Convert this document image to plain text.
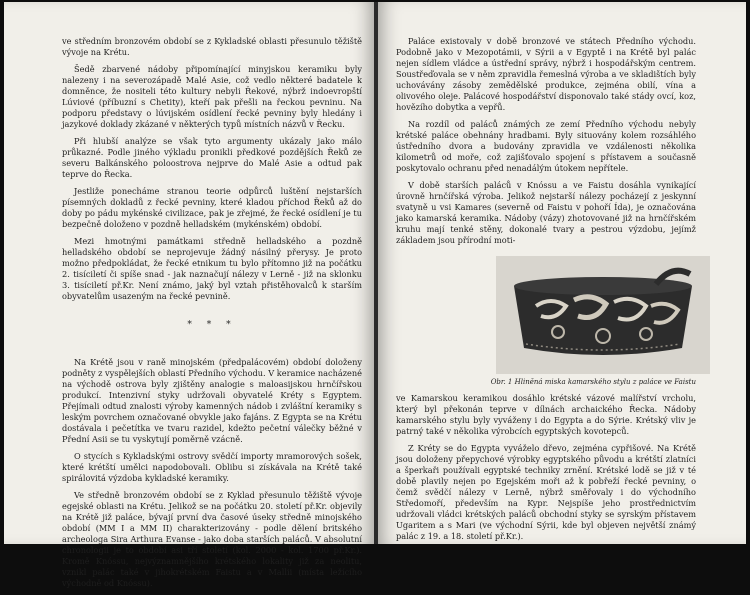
ve středním bronzovém období se z Kykladské oblasti přesunulo těžiště vývoje na Krétu.

Šedě zbarvené nádoby připomínající minyjskou keramiku byly nalezeny i na severozápadě Malé Asie, což vedlo některé badatele k domněnce, že nositeli této kultury nebyli Řekové, nýbrž indoevropští Lúviové (příbuzní s Chetity), kteří pak přešli na řeckou pevninu. Na podporu představy o lúvijském osídlení řecké pevniny byly hledány i jazykové doklady zkázané v některých typů místních názvů v Řecku.

Při hlubší analýze se však tyto argumenty ukázaly jako málo průkazné. Podle jiného výkladu pronikli předkové pozdějších Řeků ze severu Balkánského poloostrova nejprve do Malé Asie a odtud pak teprve do Řecka.

Jestliže ponecháme stranou teorie odpůrců luštění nejstarších písemných dokladů z řecké pevniny, které kladou příchod Řeků až do doby po pádu mykénské civilizace, pak je zřejmé, že řecké osídlení je tu bezpečně doloženo v pozdně helladském (mykénském) období.

Mezi hmotnými památkami středně helladského a pozdně helladského období se neprojevuje žádný násilný přerysy. Je proto možno předpokládat, že řecké etnikum tu bylo přítomno již na počátku 2. tisíciletí či spíše snad - jak naznačují nálezy v Lerně - již na sklonku 3. tisíciletí př.Kr. Není známo, jaký byl vztah přistěhovalců k starším obyvatelům usazeným na řecké pevnině.

* * *

Na Krétě jsou v raně minojském (předpalácovém) období doloženy podněty z vyspělejších oblastí Předního východu. V keramice nacházené na východě ostrova byly zjištěny analogie s maloasijskou hrnčířskou produkcí. Intenzivní styky udržovali obyvatelé Kréty s Egyptem. Přejímali odtud znalosti výroby kamenných nádob i zvláštní keramiky s leským povrchem označované obvykle jako fajáns. Z Egypta se na Krétu dostávala i pečetítka ve tvaru razidel, kdežto pečetní válečky běžné v Přední Asii se tu vyskytují poměrně vzácně.

O stycích s Kykladskými ostrovy svědčí importy mramorových sošek, které krétští umělci napodobovali. Oblibu si získávala na Krétě také spirálovitá výzdoba kykladské keramiky.

Ve středně bronzovém období se z Kyklad přesunulo těžiště vývoje egejské oblasti na Krétu. Jelikož se na počátku 20. století př.Kr. objevily na Krétě již paláce, bývají první dva časové úseky středně minojského období (MM I a MM II) charakterizovány - podle dělení britského archeologa Sira Arthura Evanse - jako doba starších paláců. V absolutní chronologii je to období asi tří století (kol. 2000 - kol. 1700 př.Kr.). Kromě Knóssu, nejvýznamnějšího krétského lokality již za neolitu, vznikl palác také v jihokrétském Faistu a v Mallii (místa ležícího východně od Knóssu).

Paláce existovaly v době bronzové ve státech Předního východu. Podobně jako v Mezopotámii, v Sýrii a v Egyptě i na Krétě byl palác nejen sídlem vládce a ústřední správy, nýbrž i hospodářským centrem. Soustřeďovala se v něm zpravidla řemeslná výroba a ve skladištích byly uchovávány zásoby zemědělské produkce, zejména obilí, vína a olivového oleje. Palácové hospodářství disponovalo také stády ovcí, koz, hovězího dobytka a vepřů.

Na rozdíl od paláců známých ze zemí Předního východu nebyly krétské paláce obehnány hradbami. Byly situovány kolem rozsáhlého ústředního dvora a budovány zpravidla ve vzdálenosti několika kilometrů od moře, což zajišťovalo spojení s přístavem a současně poskytovalo ochranu před nenadálým útokem nepřítele.

V době starších paláců v Knóssu a ve Faistu dosáhla vynikající úrovně hrnčířská výroba. Jelikož nejstarší nálezy pocházejí z jeskynní svatyně u vsi Kamares (severně od Faistu v pohoří Ída), je označována jako kamarská keramika. Nádoby (vázy) zhotovované již na hrnčířském kruhu mají tenké stěny, dokonalé tvary a pestrou výzdobu, jejímž základem jsou přírodní moti-

Obr. 1 Hliněná miska kamarského stylu z paláce ve Faistu

ve Kamarskou keramikou dosáhlo krétské vázové malířství vrcholu, který byl překonán teprve v dílnách archaického Řecka. Nádoby kamarského stylu byly vyváženy i do Egypta a do Sýrie. Krétský vliv je patrný také v několika výrobcích egyptských kovotepců.

Z Kréty se do Egypta vyváželo dřevo, zejména cypřišové. Na Krétě jsou doloženy přepychové výrobky egyptského původu a krétští zlatníci a šperkaři používali egyptské techniky zrnění. Krétské lodě se již v té době plavily nejen po Egejském moři až k pobřeží řecké pevniny, o čemž svědčí nálezy v Lerně, nýbrž směřovaly i do východního Středomoří, především na Kypr. Nejspíše jeho prostřednictvím udržovali vládci krétských paláců obchodní styky se syrským přístavem Ugaritem a s Mari (ve východní Sýrii, kde byl objeven největší známý palác z 19. a 18. století př.Kr.).
